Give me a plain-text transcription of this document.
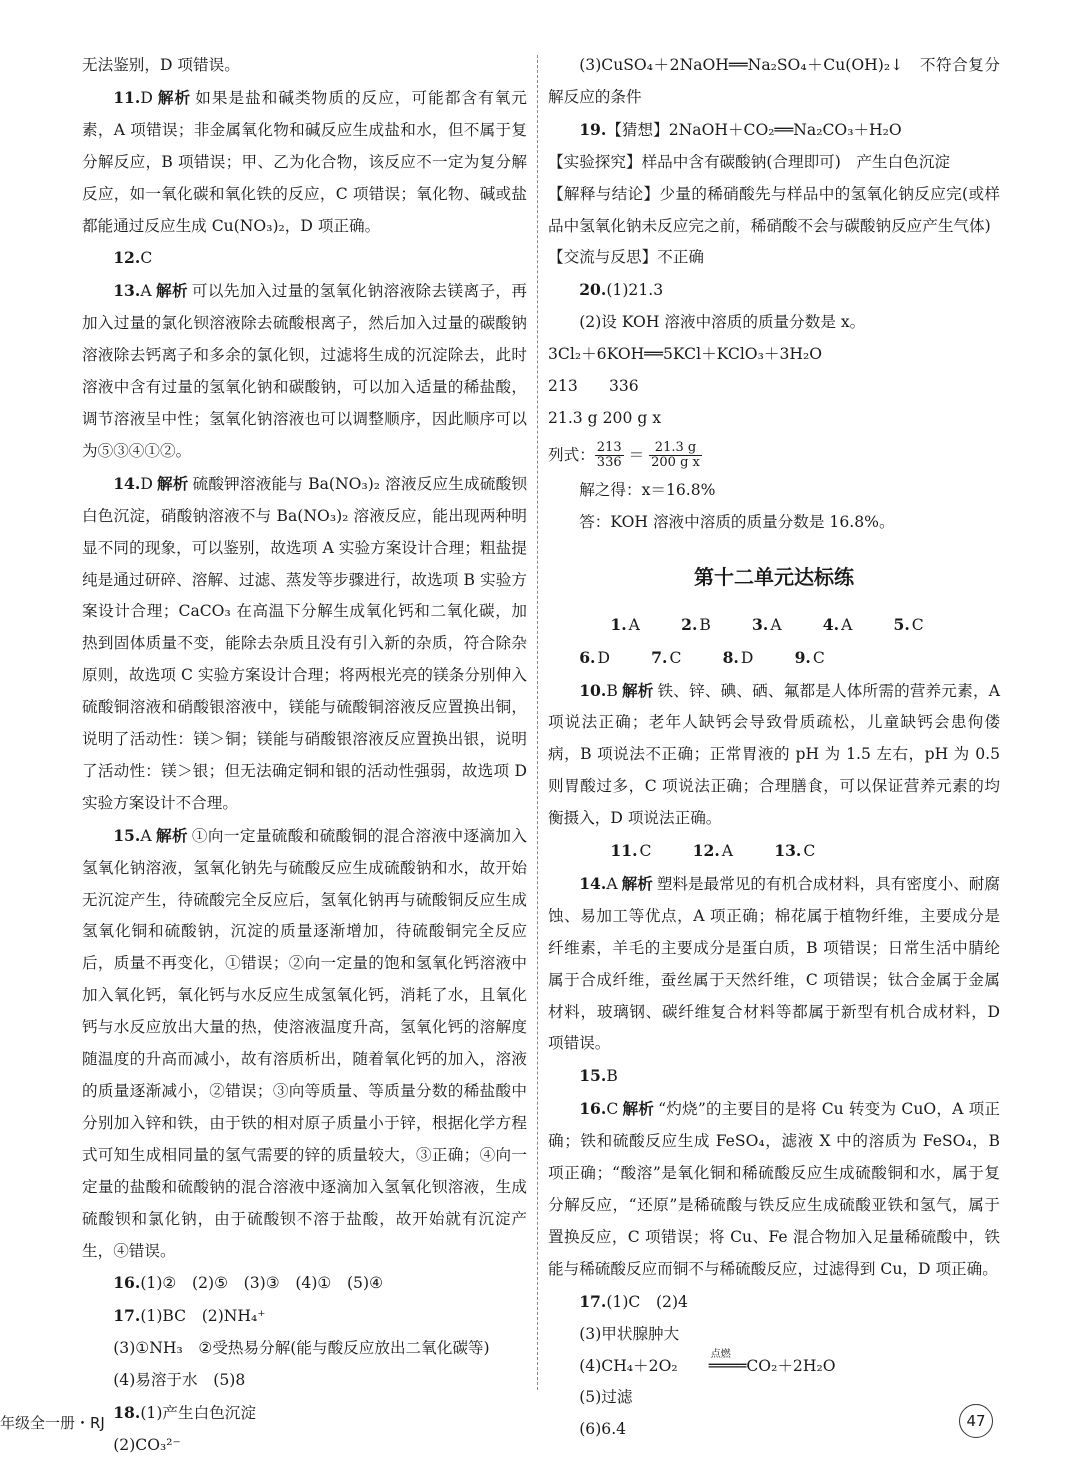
无法鉴别，D 项错误。

11.D 解析 如果是盐和碱类物质的反应，可能都含有氧元素，A 项错误；非金属氧化物和碱反应生成盐和水，但不属于复分解反应，B 项错误；甲、乙为化合物，该反应不一定为复分解反应，如一氧化碳和氧化铁的反应，C 项错误；氧化物、碱或盐都能通过反应生成 Cu(NO₃)₂，D 项正确。

12.C

13.A 解析 可以先加入过量的氢氧化钠溶液除去镁离子，再加入过量的氯化钡溶液除去硫酸根离子，然后加入过量的碳酸钠溶液除去钙离子和多余的氯化钡，过滤将生成的沉淀除去，此时溶液中含有过量的氢氧化钠和碳酸钠，可以加入适量的稀盐酸，调节溶液呈中性；氢氧化钠溶液也可以调整顺序，因此顺序可以为⑤③④①②。

14.D 解析 硫酸钾溶液能与 Ba(NO₃)₂ 溶液反应生成硫酸钡白色沉淀，硝酸钠溶液不与 Ba(NO₃)₂ 溶液反应，能出现两种明显不同的现象，可以鉴别，故选项 A 实验方案设计合理；粗盐提纯是通过研碎、溶解、过滤、蒸发等步骤进行，故选项 B 实验方案设计合理；CaCO₃ 在高温下分解生成氧化钙和二氧化碳，加热到固体质量不变，能除去杂质且没有引入新的杂质，符合除杂原则，故选项 C 实验方案设计合理；将两根光亮的镁条分别伸入硫酸铜溶液和硝酸银溶液中，镁能与硫酸铜溶液反应置换出铜，说明了活动性：镁＞铜；镁能与硝酸银溶液反应置换出银，说明了活动性：镁＞银；但无法确定铜和银的活动性强弱，故选项 D 实验方案设计不合理。

15.A 解析 ①向一定量硫酸和硫酸铜的混合溶液中逐滴加入氢氧化钠溶液，氢氧化钠先与硫酸反应生成硫酸钠和水，故开始无沉淀产生，待硫酸完全反应后，氢氧化钠再与硫酸铜反应生成氢氧化铜和硫酸钠，沉淀的质量逐渐增加，待硫酸铜完全反应后，质量不再变化，①错误；②向一定量的饱和氢氧化钙溶液中加入氧化钙，氧化钙与水反应生成氢氧化钙，消耗了水，且氧化钙与水反应放出大量的热，使溶液温度升高，氢氧化钙的溶解度随温度的升高而减小，故有溶质析出，随着氧化钙的加入，溶液的质量逐渐减小，②错误；③向等质量、等质量分数的稀盐酸中分别加入锌和铁，由于铁的相对原子质量小于锌，根据化学方程式可知生成相同量的氢气需要的锌的质量较大，③正确；④向一定量的盐酸和硫酸钠的混合溶液中逐滴加入氢氧化钡溶液，生成硫酸钡和氯化钠，由于硫酸钡不溶于盐酸，故开始就有沉淀产生，④错误。

16.(1)②　(2)⑤　(3)③　(4)①　(5)④

17.(1)BC　(2)NH₄⁺

(3)①NH₃　②受热易分解(能与酸反应放出二氧化碳等)

(4)易溶于水　(5)8

18.(1)产生白色沉淀

(2)CO₃²⁻

(3)CuSO₄＋2NaOH══Na₂SO₄＋Cu(OH)₂↓　不符合复分解反应的条件

19.【猜想】2NaOH＋CO₂══Na₂CO₃＋H₂O

【实验探究】样品中含有碳酸钠(合理即可)　产生白色沉淀

【解释与结论】少量的稀硝酸先与样品中的氢氧化钠反应完(或样品中氢氧化钠未反应完之前，稀硝酸不会与碳酸钠反应产生气体)

【交流与反思】不正确

20.(1)21.3

(2)设 KOH 溶液中溶质的质量分数是 x。

3Cl₂＋6KOH══5KCl＋KClO₃＋3H₂O

213　　336

21.3 g 200 g x

列式： $\frac{213}{336} = \frac{21.3 g}{\text{200 g x}}$

解之得：x＝16.8%

答：KOH 溶液中溶质的质量分数是 16.8%。

第十二单元达标练

1. A	2. B	3. A	4. A	5. C6. D	7. C	8. D	9. C

10.B 解析 铁、锌、碘、硒、氟都是人体所需的营养元素，A 项说法正确；老年人缺钙会导致骨质疏松，儿童缺钙会患佝偻病，B 项说法不正确；正常胃液的 pH 为 1.5 左右，pH 为 0.5 则胃酸过多，C 项说法正确；合理膳食，可以保证营养元素的均衡摄入，D 项说法正确。

11. C	12. A	13. C

14.A 解析 塑料是最常见的有机合成材料，具有密度小、耐腐蚀、易加工等优点，A 项正确；棉花属于植物纤维，主要成分是纤维素，羊毛的主要成分是蛋白质，B 项错误；日常生活中腈纶属于合成纤维，蚕丝属于天然纤维，C 项错误；钛合金属于金属材料，玻璃钢、碳纤维复合材料等都属于新型有机合成材料，D 项错误。

15.B

16.C 解析 “灼烧”的主要目的是将 Cu 转变为 CuO，A 项正确；铁和硫酸反应生成 FeSO₄，滤液 X 中的溶质为 FeSO₄，B 项正确；“酸溶”是氧化铜和稀硫酸反应生成硫酸铜和水，属于复分解反应，“还原”是稀硫酸与铁反应生成硫酸亚铁和氢气，属于置换反应，C 项错误；将 Cu、Fe 混合物加入足量稀硫酸中，铁能与稀硫酸反应而铜不与稀硫酸反应，过滤得到 Cu，D 项正确。

17.(1)C　(2)4

(3)甲状腺肿大

(4)CH₄＋2O₂
点燃
════CO₂＋2H₂O

(5)过滤

(6)6.4

年级全一册・RJ	47
